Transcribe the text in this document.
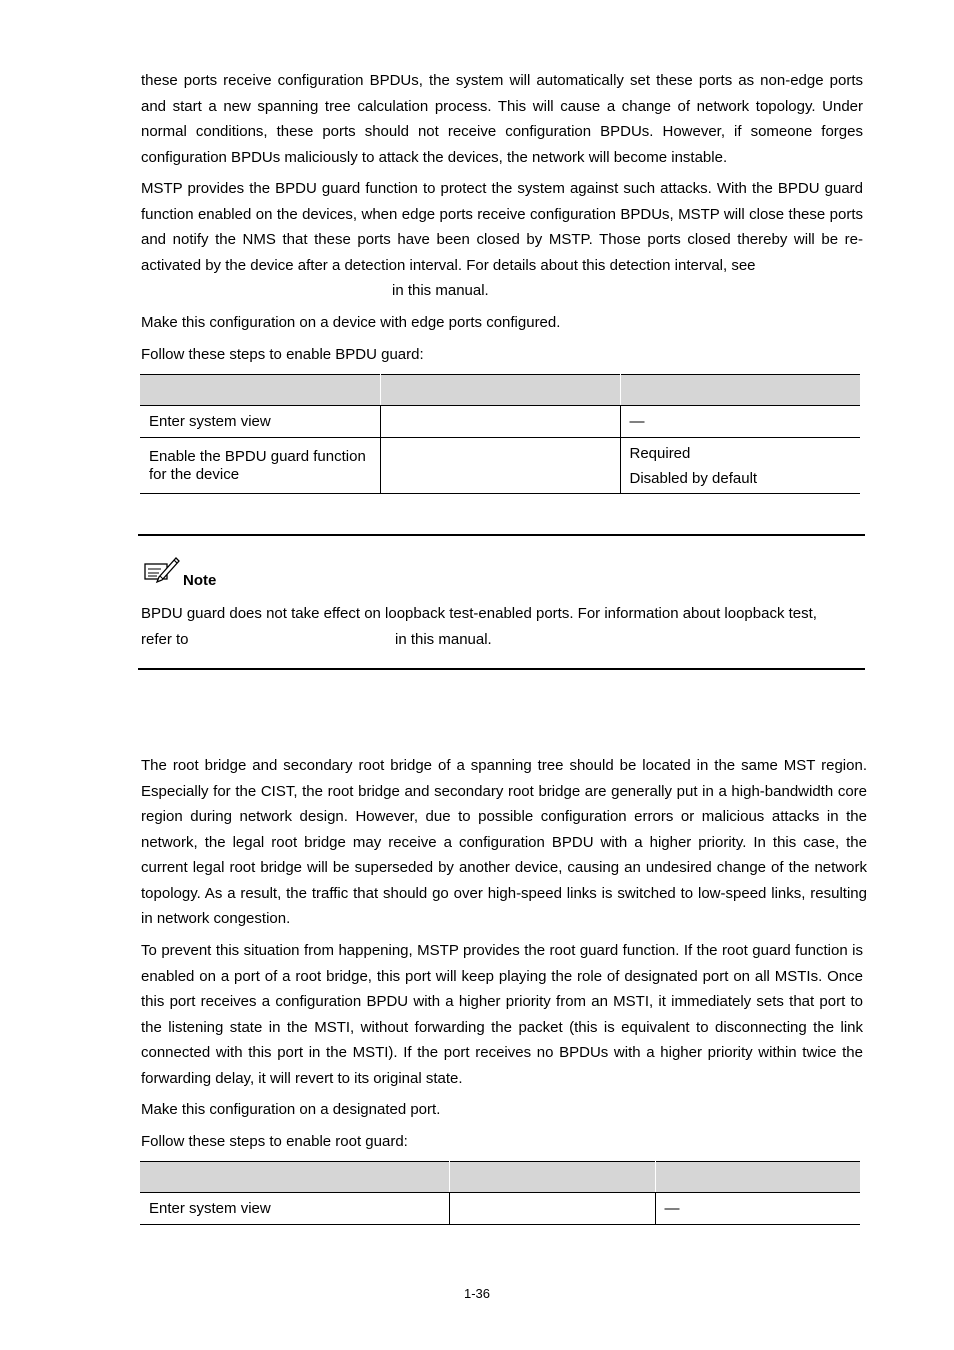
these ports receive configuration BPDUs, the system will automatically set these ports as non-edge ports and start a new spanning tree calculation process. This will cause a change of network topology. Under normal conditions, these ports should not receive configuration BPDUs. However, if someone forges configuration BPDUs maliciously to attack the devices, the network will become instable.

MSTP provides the BPDU guard function to protect the system against such attacks. With the BPDU guard function enabled on the devices, when edge ports receive configuration BPDUs, MSTP will close these ports and notify the NMS that these ports have been closed by MSTP. Those ports closed thereby will be re-activated by the device after a detection interval. For details about this detection interval, see

in this manual.

Make this configuration on a device with edge ports configured.

Follow these steps to enable BPDU guard:

Enter system view		—
Enable the BPDU guard function for the device		Required
Disabled by default
Note

BPDU guard does not take effect on loopback test-enabled ports. For information about loopback test,

refer to	in this manual.

The root bridge and secondary root bridge of a spanning tree should be located in the same MST region. Especially for the CIST, the root bridge and secondary root bridge are generally put in a high-bandwidth core region during network design. However, due to possible configuration errors or malicious attacks in the network, the legal root bridge may receive a configuration BPDU with a higher priority. In this case, the current legal root bridge will be superseded by another device, causing an undesired change of the network topology. As a result, the traffic that should go over high-speed links is switched to low-speed links, resulting in network congestion.

To prevent this situation from happening, MSTP provides the root guard function. If the root guard function is enabled on a port of a root bridge, this port will keep playing the role of designated port on all MSTIs. Once this port receives a configuration BPDU with a higher priority from an MSTI, it immediately sets that port to the listening state in the MSTI, without forwarding the packet (this is equivalent to disconnecting the link connected with this port in the MSTI). If the port receives no BPDUs with a higher priority within twice the forwarding delay, it will revert to its original state.

Make this configuration on a designated port.

Follow these steps to enable root guard:

Enter system view		—
1-36
